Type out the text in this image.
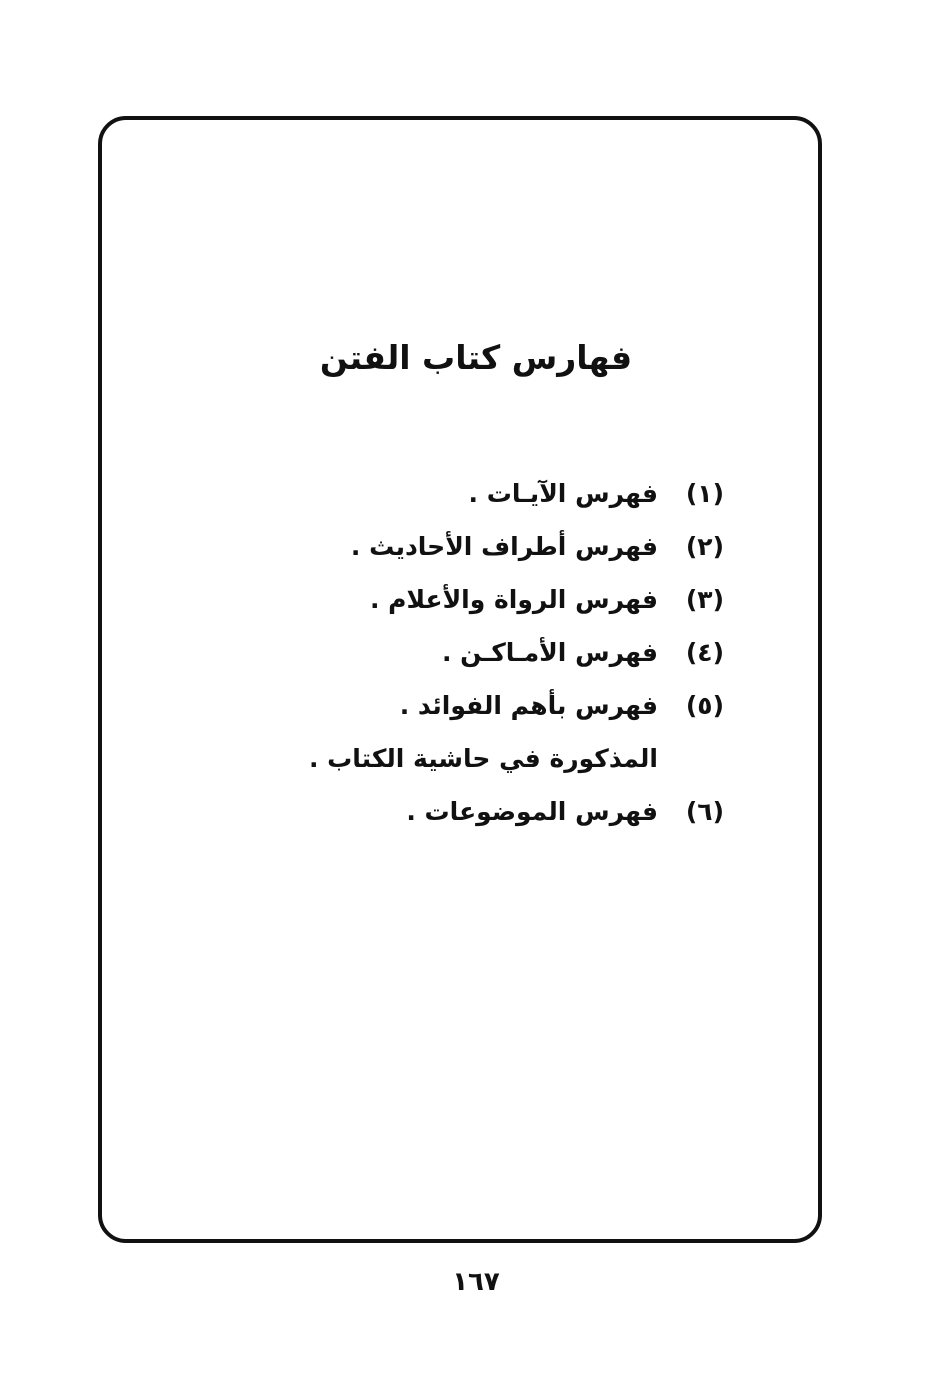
فهارس كتاب الفتن
(١)
فهرس الآيـات .
(٢)
فهرس أطراف الأحاديث .
(٣)
فهرس الرواة والأعلام .
(٤)
فهرس الأمـاكـن .
(٥)
فهرس بأهم الفوائد .
المذكورة في حاشية الكتاب .
(٦)
فهرس الموضوعات .
١٦٧
